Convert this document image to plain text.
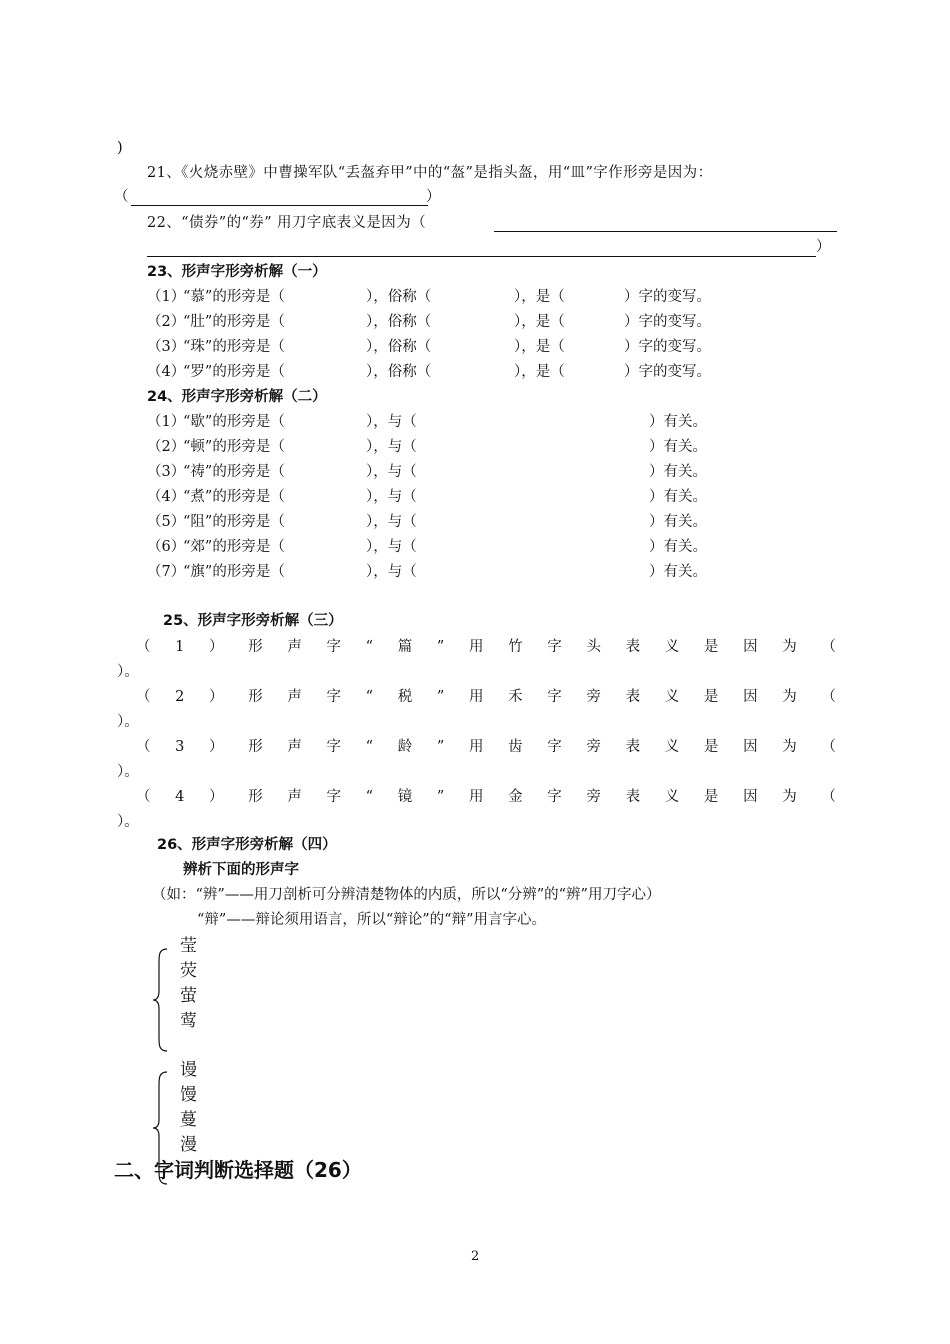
)
21、《火烧赤壁》中曹操军队“丢盔弃甲”中的“盔”是指头盔，用“皿”字作形旁是因为：
（	）
22、“债券”的“券” 用刀字底表义是因为（
）
23、形声字形旁析解（一）
（1）
“慕”的形旁是（	），俗称（	），是（	）字的变写。
（2）
“肚”的形旁是（	），俗称（	），是（	）字的变写。
（3）
“珠”的形旁是（	），俗称（	），是（	）字的变写。
（4）
“罗”的形旁是（	），俗称（	），是（	）字的变写。
24、形声字形旁析解（二）
（1）
“歇”的形旁是（	），与（	）有关。
（2）
“顿”的形旁是（	），与（	）有关。
（3）
“祷”的形旁是（	），与（	）有关。
（4）
“煮”的形旁是（	），与（	）有关。
（5）
“阻”的形旁是（	），与（	）有关。
（6）
“郊”的形旁是（	），与（	）有关。
（7）
“旗”的形旁是（	），与（	）有关。
25、形声字形旁析解（三）
（ 1 ） 形 声 字 “ 篇 ” 用 竹 字 头 表 义 是 因 为 （
）。
（ 2 ） 形 声 字 “ 税 ” 用 禾 字 旁 表 义 是 因 为 （
）。
（ 3 ） 形 声 字 “ 龄 ” 用 齿 字 旁 表 义 是 因 为 （
）。
（ 4 ） 形 声 字 “ 镜 ” 用 金 字 旁 表 义 是 因 为 （
）。
26、形声字形旁析解（四）
辨析下面的形声字
（如：“辨”——用刀剖析可分辨清楚物体的内质，所以“分辨”的“辨”用刀字心）
“辩”——辩论须用语言，所以“辩论”的“辩”用言字心。
莹
荧
萤
莺
谩
馒
蔓
漫
二、字词判断选择题（26）
2
